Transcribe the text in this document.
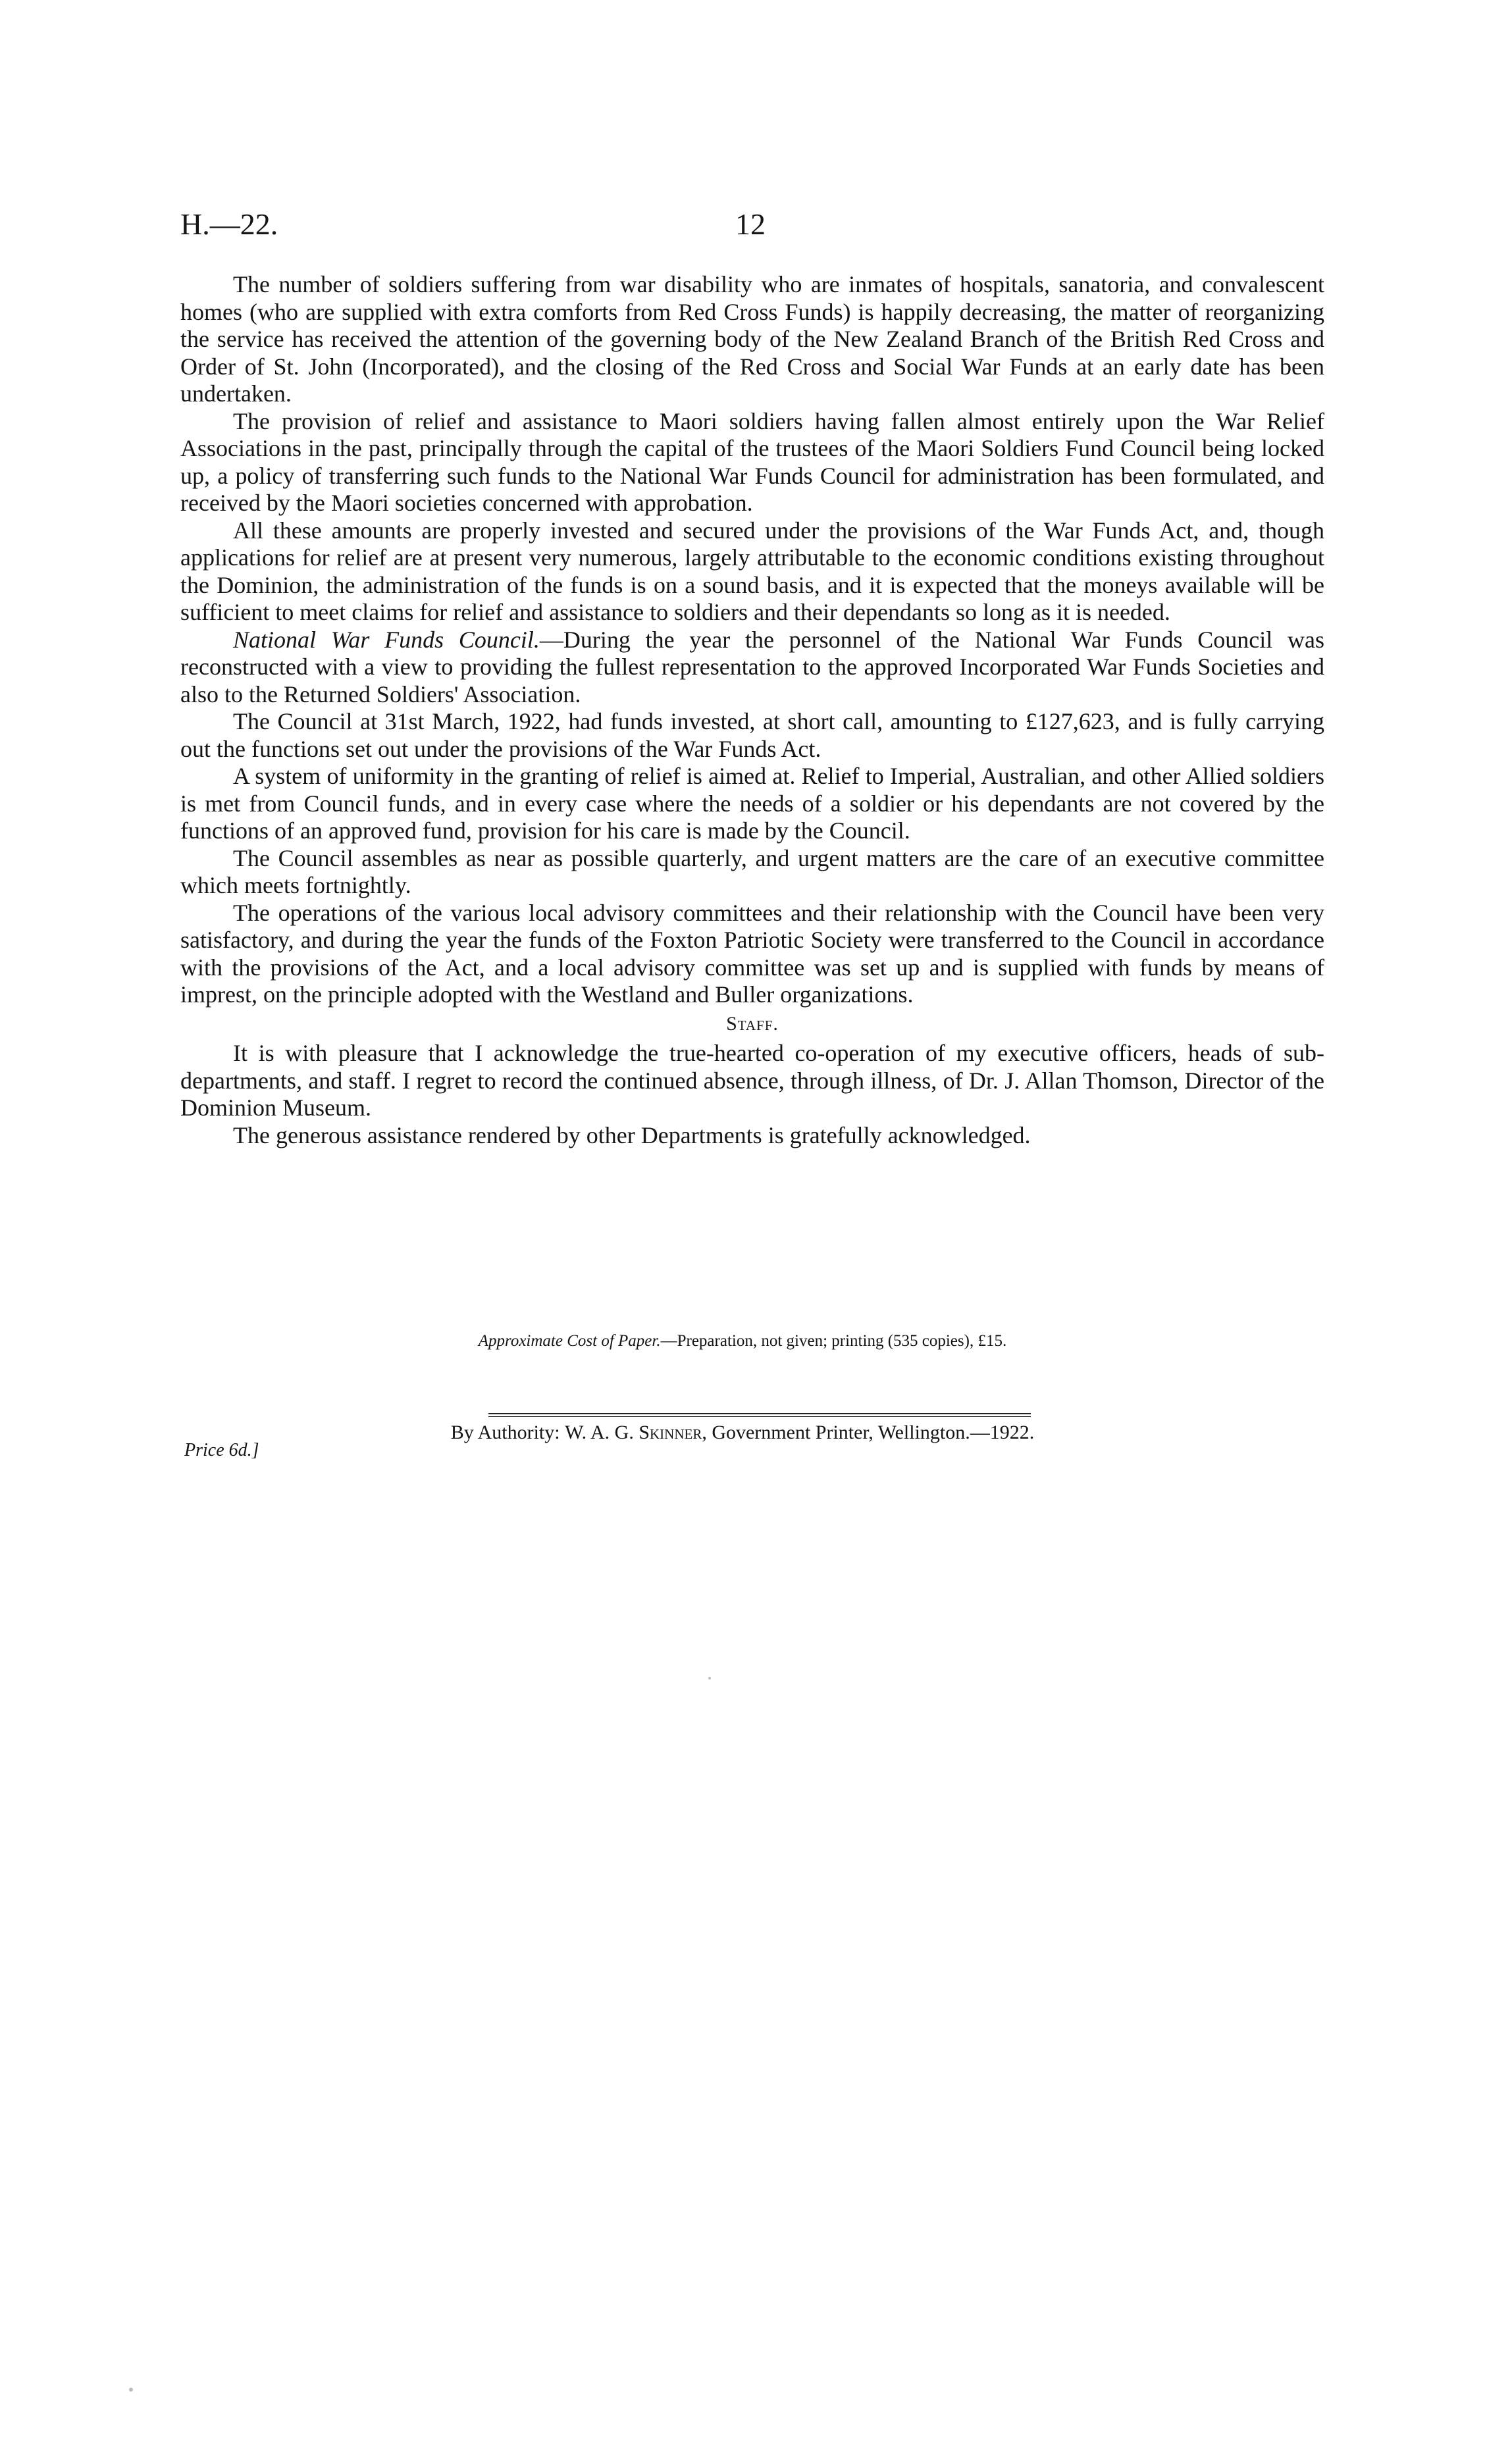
H.—22.	12

The number of soldiers suffering from war disability who are inmates of hospitals, sanatoria, and convalescent homes (who are supplied with extra comforts from Red Cross Funds) is happily decreasing, the matter of reorganizing the service has received the attention of the governing body of the New Zealand Branch of the British Red Cross and Order of St. John (Incorporated), and the closing of the Red Cross and Social War Funds at an early date has been undertaken.

The provision of relief and assistance to Maori soldiers having fallen almost entirely upon the War Relief Associations in the past, principally through the capital of the trustees of the Maori Soldiers Fund Council being locked up, a policy of transferring such funds to the National War Funds Council for administration has been formulated, and received by the Maori societies concerned with approbation.

All these amounts are properly invested and secured under the provisions of the War Funds Act, and, though applications for relief are at present very numerous, largely attributable to the economic conditions existing throughout the Dominion, the administration of the funds is on a sound basis, and it is expected that the moneys available will be sufficient to meet claims for relief and assistance to soldiers and their dependants so long as it is needed.

National War Funds Council.—During the year the personnel of the National War Funds Council was reconstructed with a view to providing the fullest representation to the approved Incorporated War Funds Societies and also to the Returned Soldiers' Association.

The Council at 31st March, 1922, had funds invested, at short call, amounting to £127,623, and is fully carrying out the functions set out under the provisions of the War Funds Act.

A system of uniformity in the granting of relief is aimed at. Relief to Imperial, Australian, and other Allied soldiers is met from Council funds, and in every case where the needs of a soldier or his dependants are not covered by the functions of an approved fund, provision for his care is made by the Council.

The Council assembles as near as possible quarterly, and urgent matters are the care of an executive committee which meets fortnightly.

The operations of the various local advisory committees and their relationship with the Council have been very satisfactory, and during the year the funds of the Foxton Patriotic Society were transferred to the Council in accordance with the provisions of the Act, and a local advisory committee was set up and is supplied with funds by means of imprest, on the principle adopted with the Westland and Buller organizations.

Staff.

It is with pleasure that I acknowledge the true-hearted co-operation of my executive officers, heads of sub-departments, and staff. I regret to record the continued absence, through illness, of Dr. J. Allan Thomson, Director of the Dominion Museum.

The generous assistance rendered by other Departments is gratefully acknowledged.

Approximate Cost of Paper.—Preparation, not given; printing (535 copies), £15.
By Authority: W. A. G. Skinner, Government Printer, Wellington.—1922.
Price 6d.]
